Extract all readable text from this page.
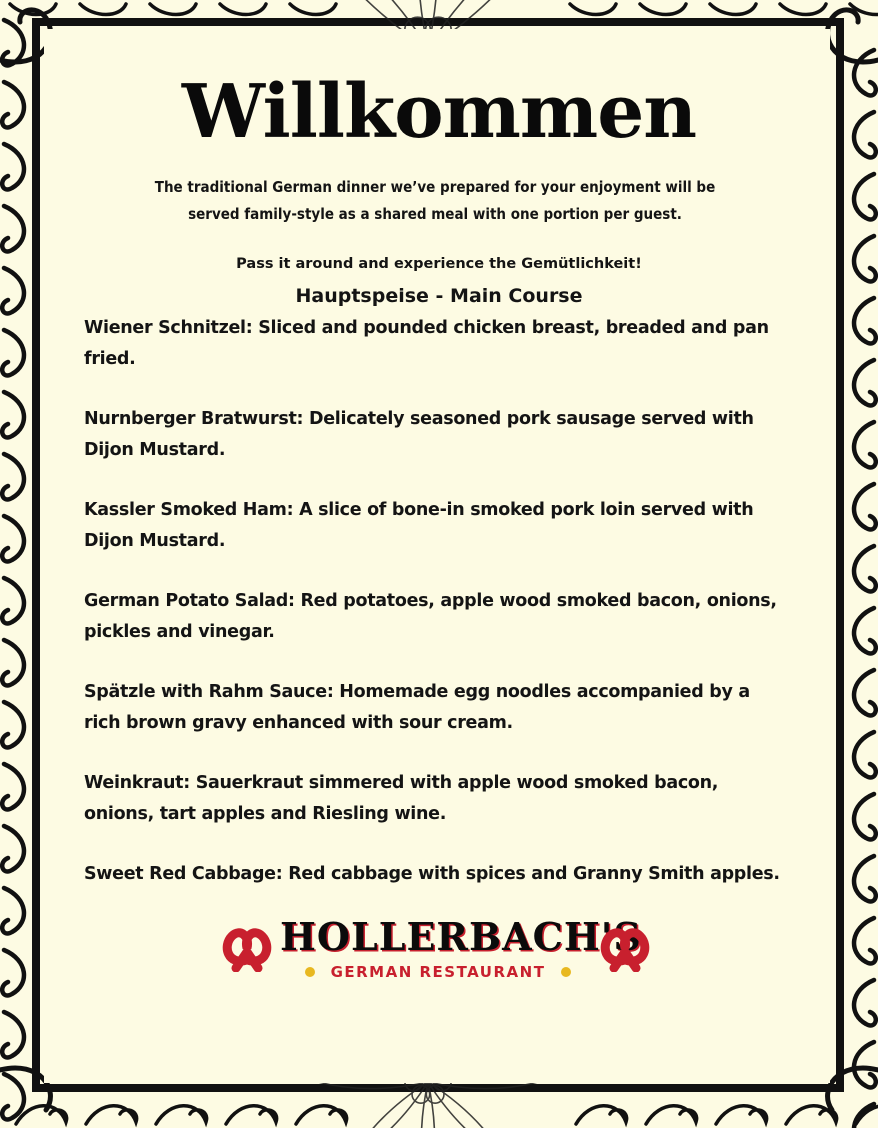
Willkommen
The traditional German dinner we’ve prepared for your enjoyment will be served family-style as a shared meal with one portion per guest.
Pass it around and experience the Gemütlichkeit!
Hauptspeise - Main Course
Wiener Schnitzel: Sliced and pounded chicken breast, breaded and pan fried.
Nurnberger Bratwurst: Delicately seasoned pork sausage served with Dijon Mustard.
Kassler Smoked Ham: A slice of bone-in smoked pork loin served with Dijon Mustard.
German Potato Salad: Red potatoes, apple wood smoked bacon, onions, pickles and vinegar.
Spätzle with Rahm Sauce: Homemade egg noodles accompanied by a rich brown gravy enhanced with sour cream.
Weinkraut: Sauerkraut simmered with apple wood smoked bacon, onions, tart apples and Riesling wine.
Sweet Red Cabbage: Red cabbage with spices and Granny Smith apples.
HOLLERBACH'S
GERMAN RESTAURANT
